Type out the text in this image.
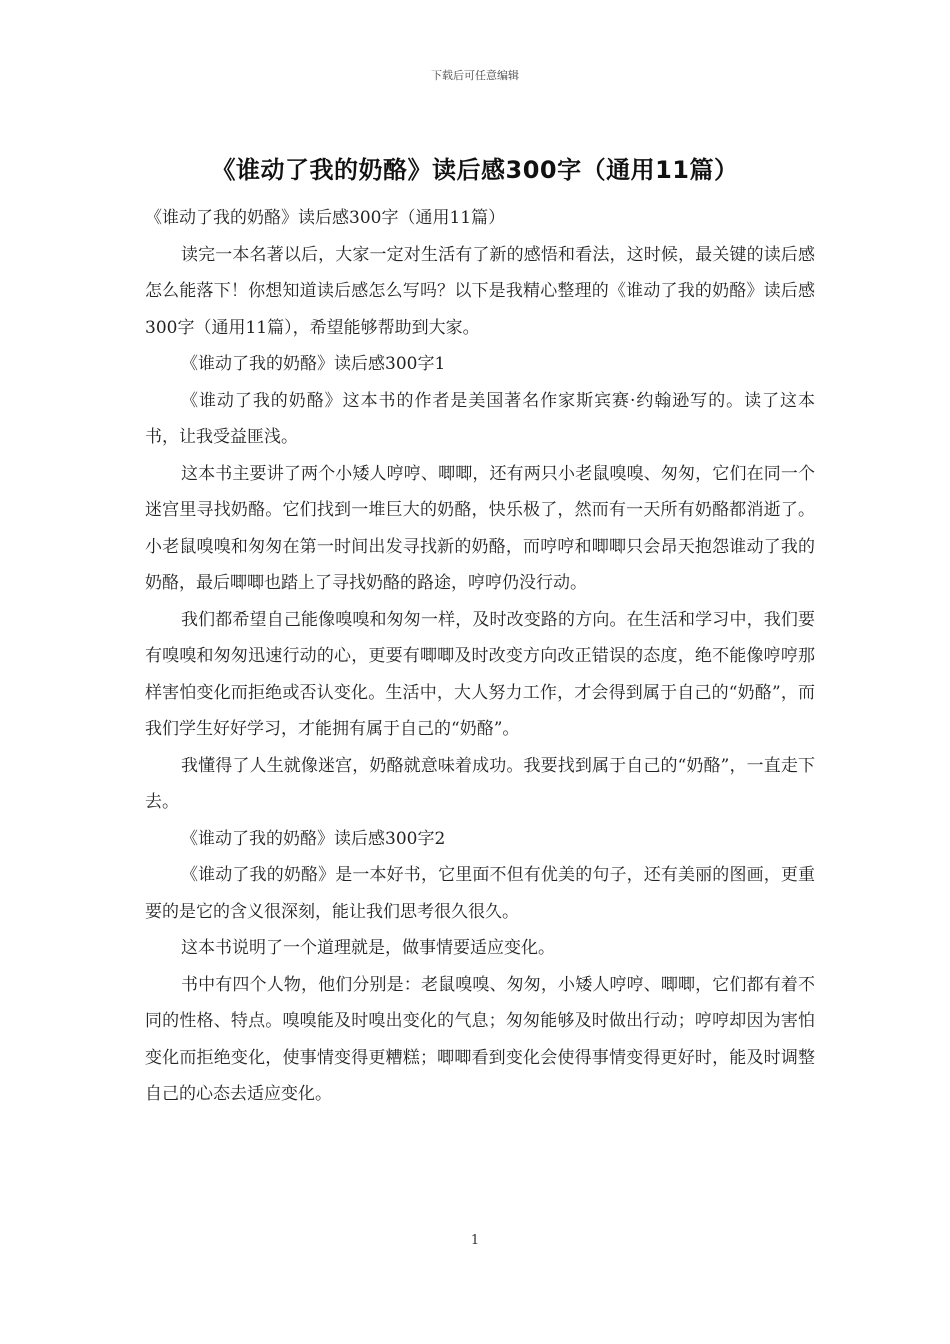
下载后可任意编辑
《谁动了我的奶酪》读后感300字（通用11篇）

《谁动了我的奶酪》读后感300字（通用11篇）

读完一本名著以后，大家一定对生活有了新的感悟和看法，这时候，最关键的读后感怎么能落下！你想知道读后感怎么写吗？以下是我精心整理的《谁动了我的奶酪》读后感300字（通用11篇），希望能够帮助到大家。

《谁动了我的奶酪》读后感300字1

《谁动了我的奶酪》这本书的作者是美国著名作家斯宾赛·约翰逊写的。读了这本书，让我受益匪浅。

这本书主要讲了两个小矮人哼哼、唧唧，还有两只小老鼠嗅嗅、匆匆，它们在同一个迷宫里寻找奶酪。它们找到一堆巨大的奶酪，快乐极了，然而有一天所有奶酪都消逝了。小老鼠嗅嗅和匆匆在第一时间出发寻找新的奶酪，而哼哼和唧唧只会昂天抱怨谁动了我的奶酪，最后唧唧也踏上了寻找奶酪的路途，哼哼仍没行动。

我们都希望自己能像嗅嗅和匆匆一样，及时改变路的方向。在生活和学习中，我们要有嗅嗅和匆匆迅速行动的心，更要有唧唧及时改变方向改正错误的态度，绝不能像哼哼那样害怕变化而拒绝或否认变化。生活中，大人努力工作，才会得到属于自己的“奶酪”，而我们学生好好学习，才能拥有属于自己的“奶酪”。

我懂得了人生就像迷宫，奶酪就意味着成功。我要找到属于自己的“奶酪”，一直走下去。

《谁动了我的奶酪》读后感300字2

《谁动了我的奶酪》是一本好书，它里面不但有优美的句子，还有美丽的图画，更重要的是它的含义很深刻，能让我们思考很久很久。

这本书说明了一个道理就是，做事情要适应变化。

书中有四个人物，他们分别是：老鼠嗅嗅、匆匆，小矮人哼哼、唧唧，它们都有着不同的性格、特点。嗅嗅能及时嗅出变化的气息；匆匆能够及时做出行动；哼哼却因为害怕变化而拒绝变化，使事情变得更糟糕；唧唧看到变化会使得事情变得更好时，能及时调整自己的心态去适应变化。

1
